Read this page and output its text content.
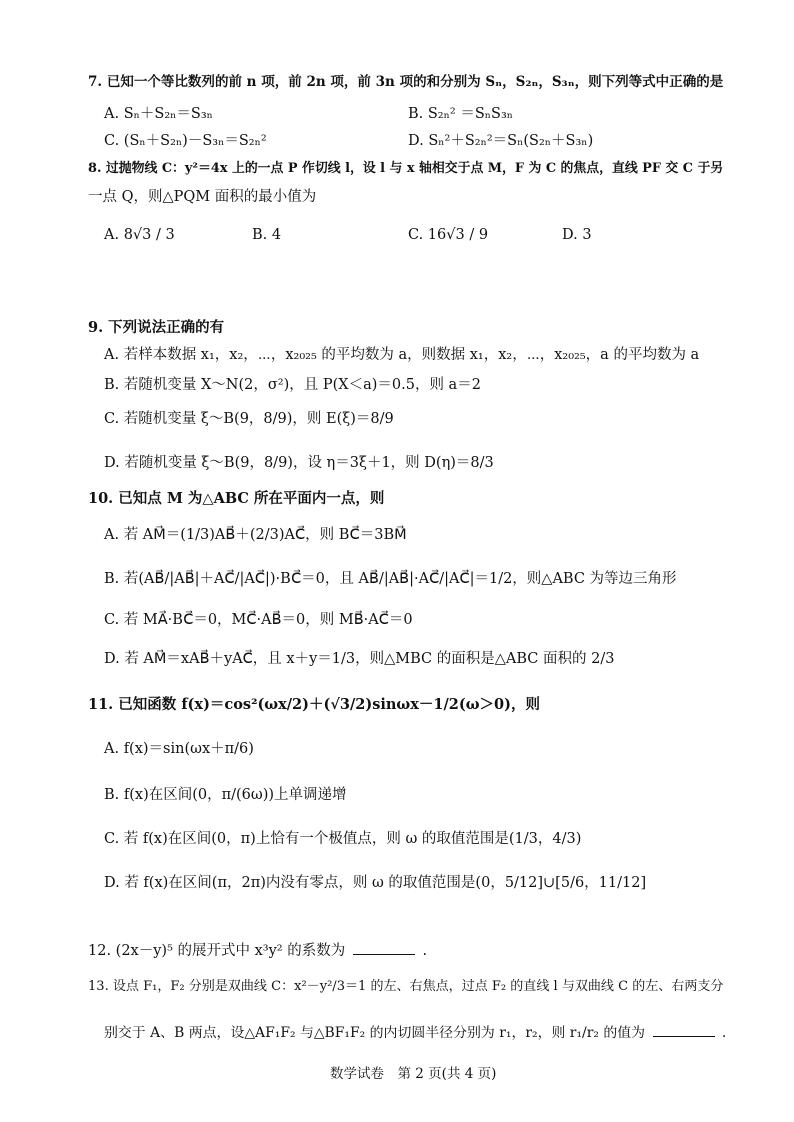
7. 已知一个等比数列的前 n 项，前 2n 项，前 3n 项的和分别为 Sₙ，S₂ₙ，S₃ₙ，则下列等式中正确的是
A. Sₙ＋S₂ₙ＝S₃ₙ	B. S₂ₙ² ＝SₙS₃ₙ
C. (Sₙ＋S₂ₙ)－S₃ₙ＝S₂ₙ²	D. Sₙ²＋S₂ₙ²＝Sₙ(S₂ₙ＋S₃ₙ)
8. 过抛物线 C：y²＝4x 上的一点 P 作切线 l，设 l 与 x 轴相交于点 M，F 为 C 的焦点，直线 PF 交 C 于另
一点 Q，则△PQM 面积的最小值为
A. 8√3 / 3	B. 4	C. 16√3 / 9	D. 3
9. 下列说法正确的有
A. 若样本数据 x₁，x₂，⋯，x₂₀₂₅ 的平均数为 a，则数据 x₁，x₂，⋯，x₂₀₂₅，a 的平均数为 a
B. 若随机变量 X～N(2，σ²)，且 P(X＜a)＝0.5，则 a＝2
C. 若随机变量 ξ～B(9，8/9)，则 E(ξ)＝8/9
D. 若随机变量 ξ～B(9，8/9)，设 η＝3ξ＋1，则 D(η)＝8/3
10. 已知点 M 为△ABC 所在平面内一点，则
A. 若 AM⃗＝(1/3)AB⃗＋(2/3)AC⃗，则 BC⃗＝3BM⃗
B. 若(AB⃗/|AB⃗|＋AC⃗/|AC⃗|)·BC⃗＝0，且 AB⃗/|AB⃗|·AC⃗/|AC⃗|＝1/2，则△ABC 为等边三角形
C. 若 MA⃗·BC⃗＝0，MC⃗·AB⃗＝0，则 MB⃗·AC⃗＝0
D. 若 AM⃗＝xAB⃗＋yAC⃗，且 x＋y＝1/3，则△MBC 的面积是△ABC 面积的 2/3
11. 已知函数 f(x)＝cos²(ωx/2)＋(√3/2)sinωx－1/2(ω＞0)，则
A. f(x)＝sin(ωx＋π/6)
B. f(x)在区间(0，π/(6ω))上单调递增
C. 若 f(x)在区间(0，π)上恰有一个极值点，则 ω 的取值范围是(1/3，4/3)
D. 若 f(x)在区间(π，2π)内没有零点，则 ω 的取值范围是(0，5/12]∪[5/6，11/12]
12. (2x－y)⁵ 的展开式中 x³y² 的系数为	.
13. 设点 F₁，F₂ 分别是双曲线 C：x²－y²/3＝1 的左、右焦点，过点 F₂ 的直线 l 与双曲线 C 的左、右两支分
别交于 A、B 两点，设△AF₁F₂ 与△BF₁F₂ 的内切圆半径分别为 r₁，r₂，则 r₁/r₂ 的值为	.
数学试卷　第 2 页(共 4 页)
